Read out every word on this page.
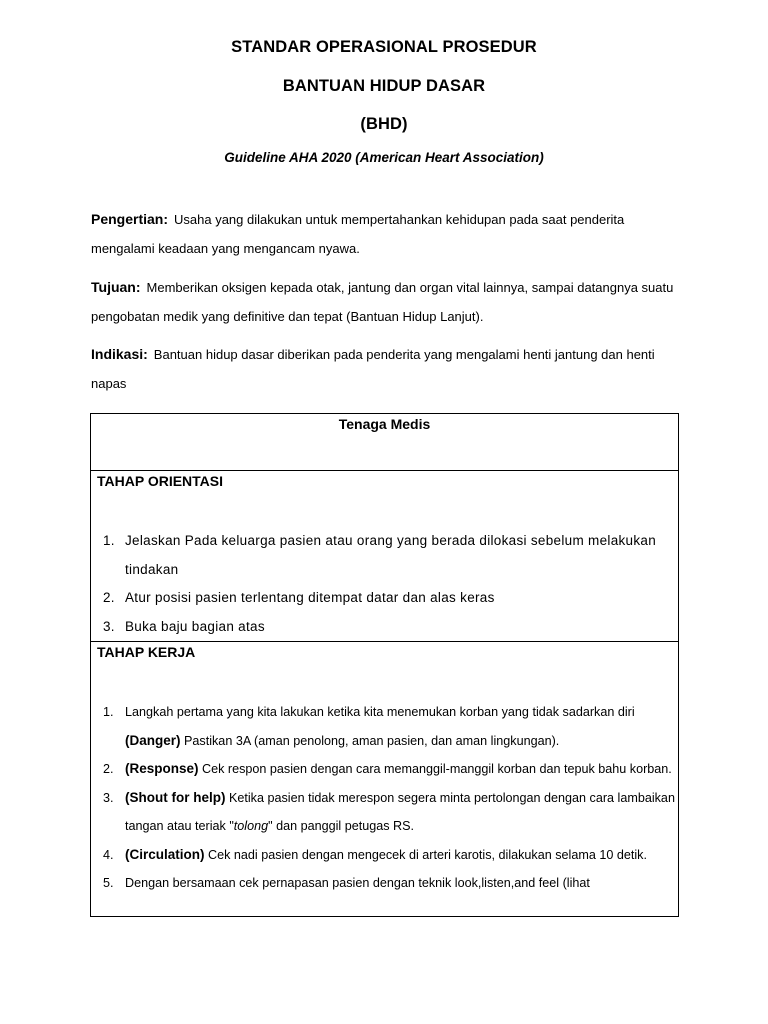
STANDAR OPERASIONAL PROSEDUR
BANTUAN HIDUP DASAR
(BHD)
Guideline AHA 2020 (American Heart Association)
Pengertian: Usaha yang dilakukan untuk mempertahankan kehidupan pada saat penderita mengalami keadaan yang mengancam nyawa.
Tujuan: Memberikan oksigen kepada otak, jantung dan organ vital lainnya, sampai datangnya suatu pengobatan medik yang definitive dan tepat (Bantuan Hidup Lanjut).
Indikasi: Bantuan hidup dasar diberikan pada penderita yang mengalami henti jantung dan henti napas
Tenaga Medis

TAHAP ORIENTASI
1. Jelaskan Pada keluarga pasien atau orang yang berada dilokasi sebelum melakukan tindakan
2. Atur posisi pasien terlentang ditempat datar dan alas keras
3. Buka baju bagian atas

TAHAP KERJA
1. Langkah pertama yang kita lakukan ketika kita menemukan korban yang tidak sadarkan diri (Danger) Pastikan 3A (aman penolong, aman pasien, dan aman lingkungan).
2. (Response) Cek respon pasien dengan cara memanggil-manggil korban dan tepuk bahu korban.
3. (Shout for help) Ketika pasien tidak merespon segera minta pertolongan dengan cara lambaikan tangan atau teriak "tolong" dan panggil petugas RS.
4. (Circulation) Cek nadi pasien dengan mengecek di arteri karotis, dilakukan selama 10 detik.
5. Dengan bersamaan cek pernapasan pasien dengan teknik look,listen,and feel (lihat
